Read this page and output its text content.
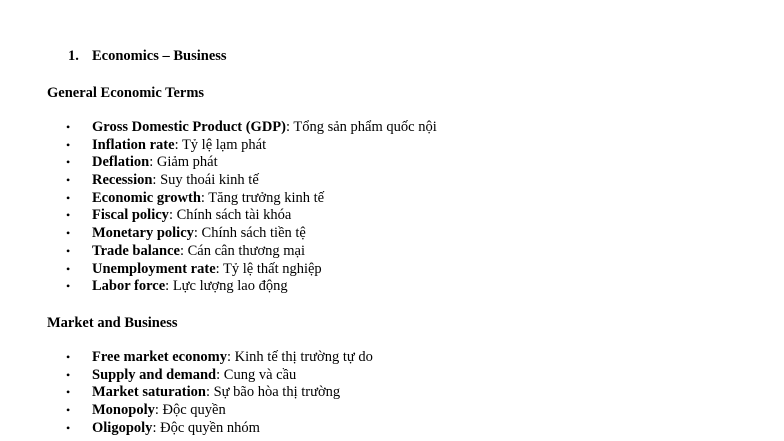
1. Economics – Business
General Economic Terms
• Gross Domestic Product (GDP): Tổng sản phẩm quốc nội
• Inflation rate: Tỷ lệ lạm phát
• Deflation: Giảm phát
• Recession: Suy thoái kinh tế
• Economic growth: Tăng trưởng kinh tế
• Fiscal policy: Chính sách tài khóa
• Monetary policy: Chính sách tiền tệ
• Trade balance: Cán cân thương mại
• Unemployment rate: Tỷ lệ thất nghiệp
• Labor force: Lực lượng lao động
Market and Business
• Free market economy: Kinh tế thị trường tự do
• Supply and demand: Cung và cầu
• Market saturation: Sự bão hòa thị trường
• Monopoly: Độc quyền
• Oligopoly: Độc quyền nhóm
